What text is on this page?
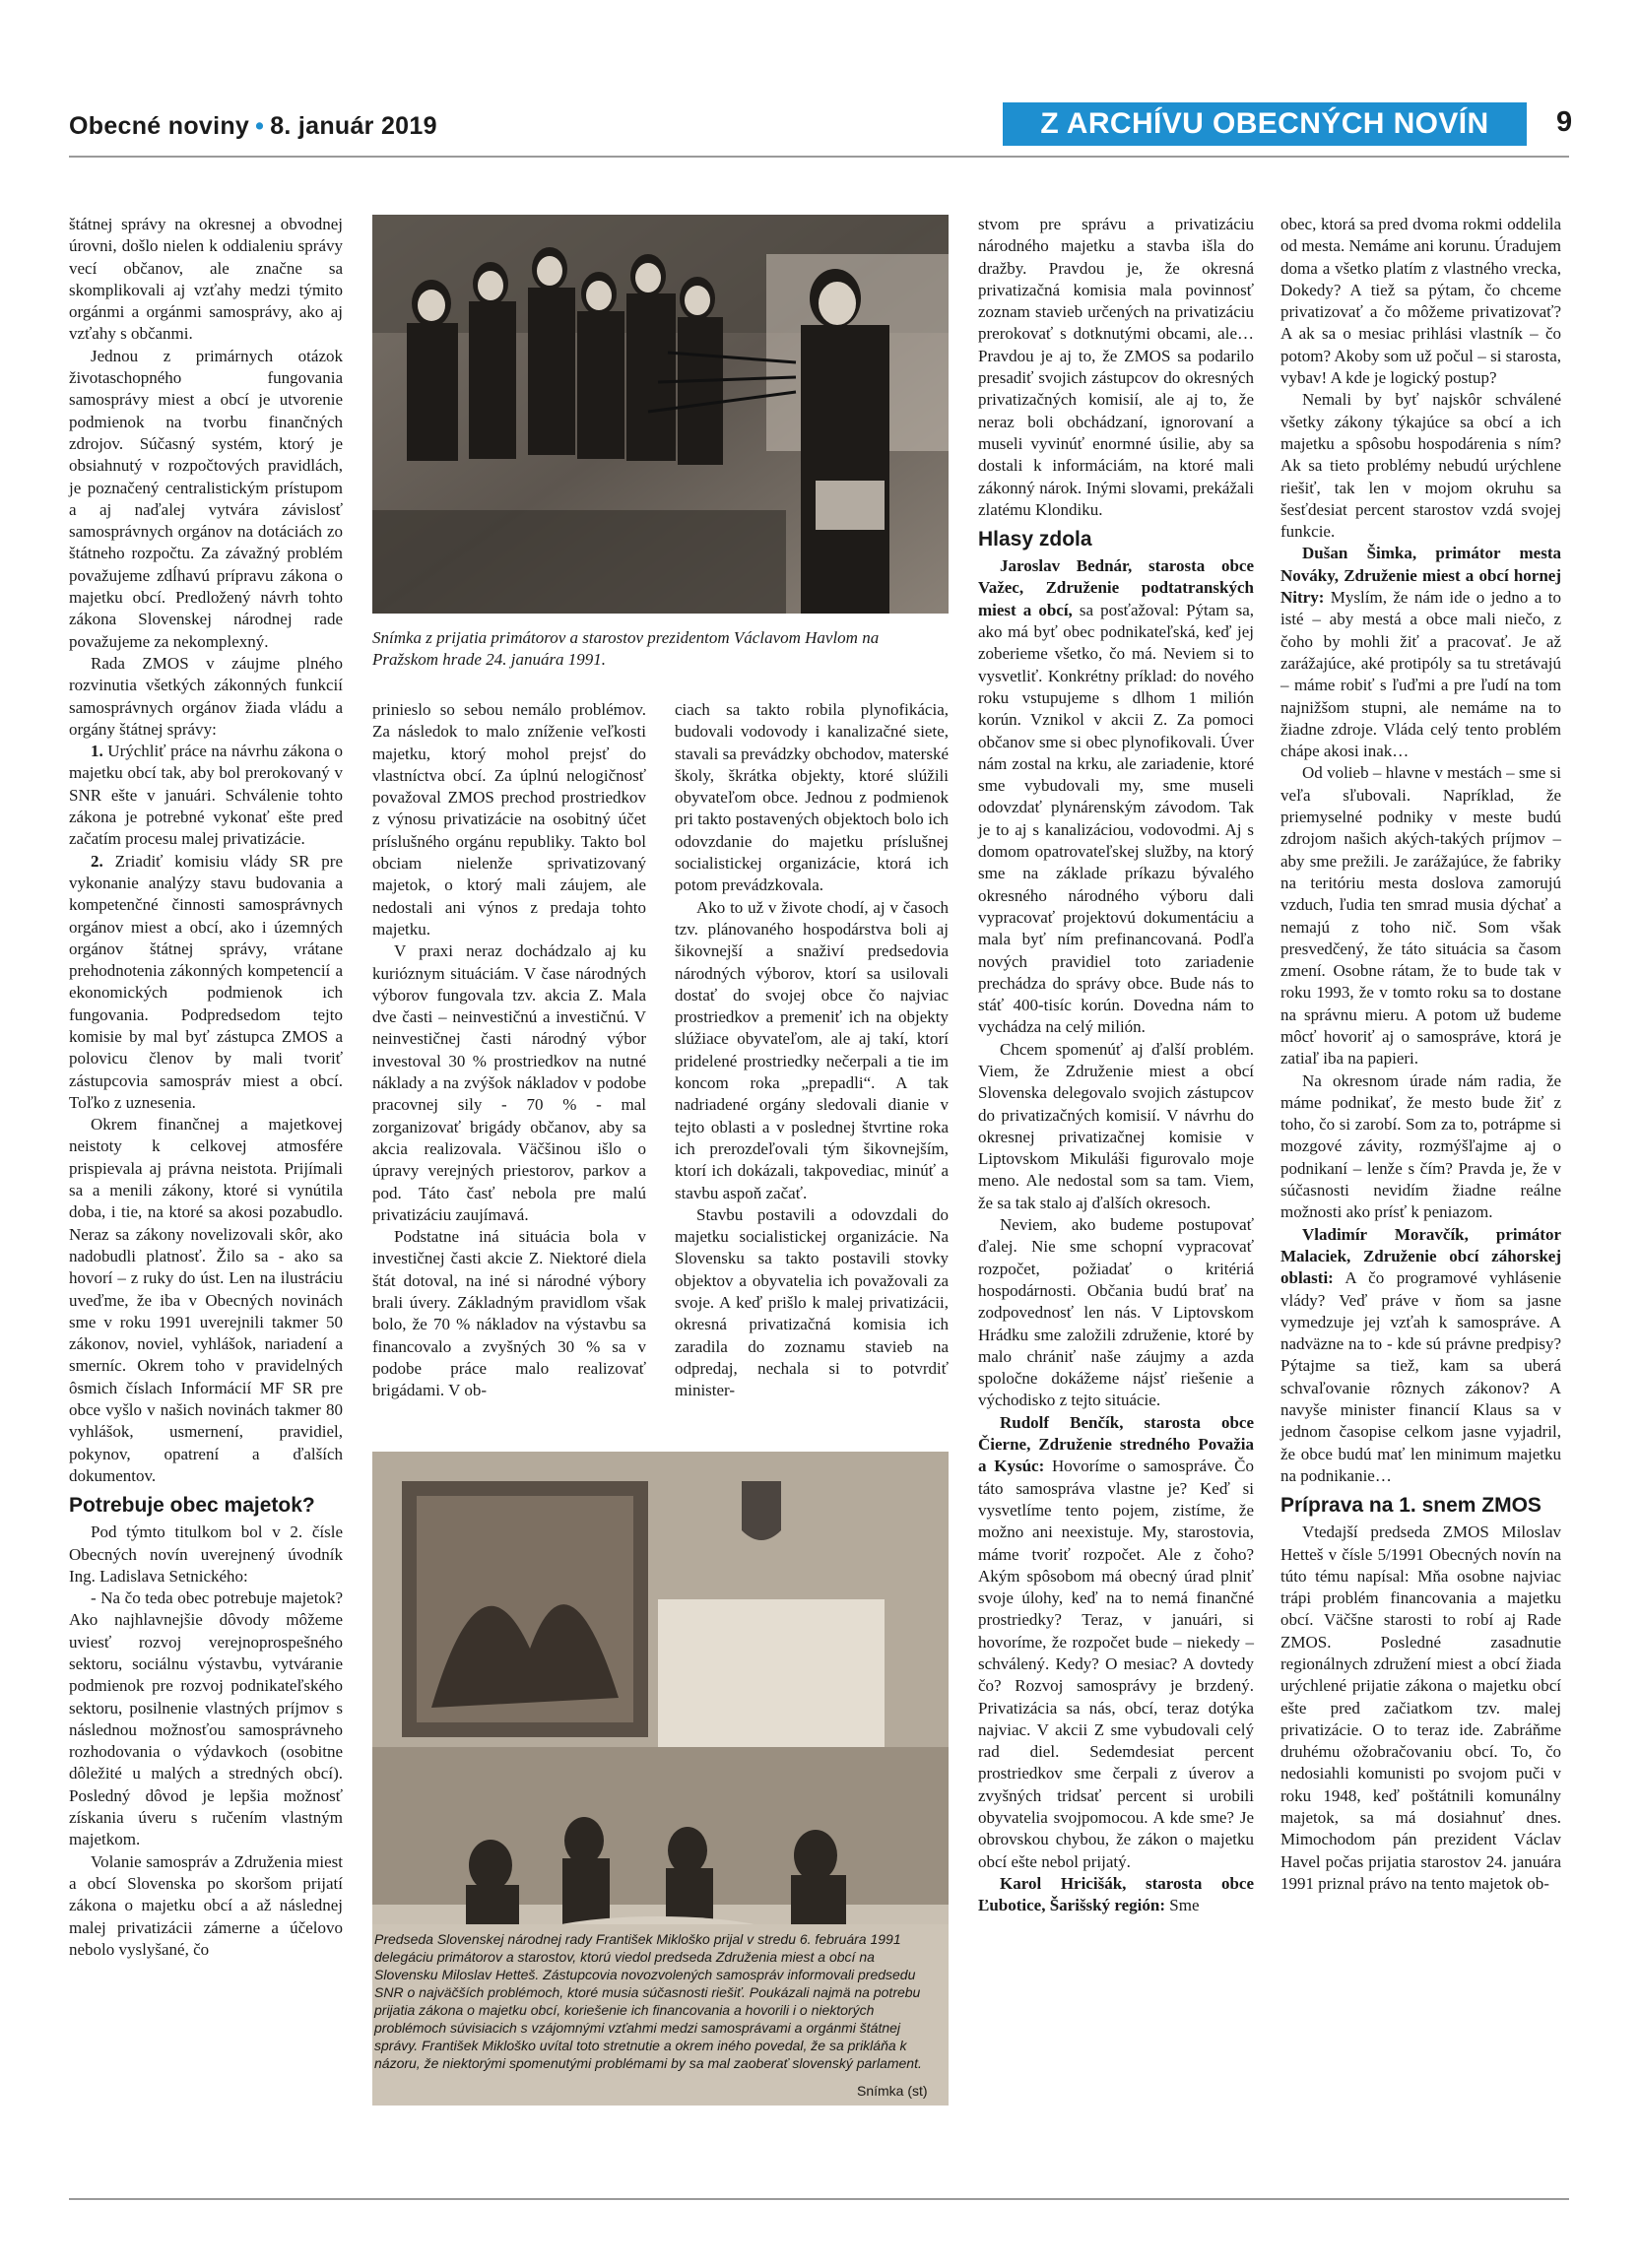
Obecné noviny • 8. január 2019	Z ARCHÍVU OBECNÝCH NOVÍN	9

štátnej správy na okresnej a obvodnej úrovni, došlo nielen k oddialeniu správy vecí občanov, ale značne sa skomplikovali aj vzťahy medzi týmito orgánmi a orgánmi samosprávy, ako aj vzťahy s občanmi.

Jednou z primárnych otázok životaschopného fungovania samosprávy miest a obcí je utvorenie podmienok na tvorbu finančných zdrojov. Súčasný systém, ktorý je obsiahnutý v rozpočtových pravidlách, je poznačený centralistickým prístupom a aj naďalej vytvára závislosť samosprávnych orgánov na dotáciách zo štátneho rozpočtu. Za závažný problém považujeme zdĺhavú prípravu zákona o majetku obcí. Predložený návrh tohto zákona Slovenskej národnej rade považujeme za nekomplexný.

Rada ZMOS v záujme plného rozvinutia všetkých zákonných funkcií samosprávnych orgánov žiada vládu a orgány štátnej správy:

1. Urýchliť práce na návrhu zákona o majetku obcí tak, aby bol prerokovaný v SNR ešte v januári. Schválenie tohto zákona je potrebné vykonať ešte pred začatím procesu malej privatizácie.

2. Zriadiť komisiu vlády SR pre vykonanie analýzy stavu budovania a kompetenčné činnosti samosprávnych orgánov miest a obcí, ako i územných orgánov štátnej správy, vrátane prehodnotenia zákonných kompetencií a ekonomických podmienok ich fungovania. Podpredsedom tejto komisie by mal byť zástupca ZMOS a polovicu členov by mali tvoriť zástupcovia samospráv miest a obcí. Toľko z uznesenia.

Okrem finančnej a majetkovej neistoty k celkovej atmosfére prispievala aj právna neistota. Prijímali sa a menili zákony, ktoré si vynútila doba, i tie, na ktoré sa akosi pozabudlo. Neraz sa zákony novelizovali skôr, ako nadobudli platnosť. Žilo sa - ako sa hovorí – z ruky do úst. Len na ilustráciu uveďme, že iba v Obecných novinách sme v roku 1991 uverejnili takmer 50 zákonov, noviel, vyhlášok, nariadení a smerníc. Okrem toho v pravidelných ôsmich číslach Informácií MF SR pre obce vyšlo v našich novinách takmer 80 vyhlášok, usmernení, pravidiel, pokynov, opatrení a ďalších dokumentov.

Potrebuje obec majetok?

Pod týmto titulkom bol v 2. čísle Obecných novín uverejnený úvodník Ing. Ladislava Setnického:

- Na čo teda obec potrebuje majetok? Ako najhlavnejšie dôvody môžeme uviesť rozvoj verejnoprospešného sektoru, sociálnu výstavbu, vytváranie podmienok pre rozvoj podnikateľského sektoru, posilnenie vlastných príjmov s následnou možnosťou samosprávneho rozhodovania o výdavkoch (osobitne dôležité u malých a stredných obcí). Posledný dôvod je lepšia možnosť získania úveru s ručením vlastným majetkom.

Volanie samospráv a Združenia miest a obcí Slovenska po skoršom prijatí zákona o majetku obcí a až následnej malej privatizácii zámerne a účelovo nebolo vyslyšané, čo

Snímka z prijatia primátorov a starostov prezidentom Václavom Havlom na Pražskom hrade 24. januára 1991.

prinieslo so sebou nemálo problémov. Za následok to malo zníženie veľkosti majetku, ktorý mohol prejsť do vlastníctva obcí. Za úplnú nelogičnosť považoval ZMOS prechod prostriedkov z výnosu privatizácie na osobitný účet príslušného orgánu republiky. Takto bol obciam nielenže sprivatizovaný majetok, o ktorý mali záujem, ale nedostali ani výnos z predaja tohto majetku.

V praxi neraz dochádzalo aj ku kurióznym situáciám. V čase národných výborov fungovala tzv. akcia Z. Mala dve časti – neinvestičnú a investičnú. V neinvestičnej časti národný výbor investoval 30 % prostriedkov na nutné náklady a na zvýšok nákladov v podobe pracovnej sily - 70 % - mal zorganizovať brigády občanov, aby sa akcia realizovala. Väčšinou išlo o úpravy verejných priestorov, parkov a pod. Táto časť nebola pre malú privatizáciu zaujímavá.

Podstatne iná situácia bola v investičnej časti akcie Z. Niektoré diela štát dotoval, na iné si národné výbory brali úvery. Základným pravidlom však bolo, že 70 % nákladov na výstavbu sa financovalo a zvyšných 30 % sa v podobe práce malo realizovať brigádami. V ob-

ciach sa takto robila plynofikácia, budovali vodovody i kanalizačné siete, stavali sa prevádzky obchodov, materské školy, škrátka objekty, ktoré slúžili obyvateľom obce. Jednou z podmienok pri takto postavených objektoch bolo ich odovzdanie do majetku príslušnej socialistickej organizácie, ktorá ich potom prevádzkovala.

Ako to už v živote chodí, aj v časoch tzv. plánovaného hospodárstva boli aj šikovnejší a snaživí predsedovia národných výborov, ktorí sa usilovali dostať do svojej obce čo najviac prostriedkov a premeniť ich na objekty slúžiace obyvateľom, ale aj takí, ktorí pridelené prostriedky nečerpali a tie im koncom roka „prepadli“. A tak nadriadené orgány sledovali dianie v tejto oblasti a v poslednej štvrtine roka ich prerozdeľovali tým šikovnejším, ktorí ich dokázali, takpovediac, minúť a stavbu aspoň začať.

Stavbu postavili a odovzdali do majetku socialistickej organizácie. Na Slovensku sa takto postavili stovky objektov a obyvatelia ich považovali za svoje. A keď prišlo k malej privatizácii, okresná privatizačná komisia ich zaradila do zoznamu stavieb na odpredaj, nechala si to potvrdiť minister-

Predseda Slovenskej národnej rady František Mikloško prijal v stredu 6. februára 1991 delegáciu primátorov a starostov, ktorú viedol predseda Združenia miest a obcí na Slovensku Miloslav Hetteš. Zástupcovia novozvolených samospráv informovali predsedu SNR o najväčších problémoch, ktoré musia súčasnosti riešiť. Poukázali najmä na potrebu prijatia zákona o majetku obcí, koriešenie ich financovania a hovorili i o niektorých problémoch súvisiacich s vzájomnými vzťahmi medzi samosprávami a orgánmi štátnej správy. František Mikloško uvítal toto stretnutie a okrem iného povedal, že sa prikláňa k názoru, že niektorými spomenutými problémami by sa mal zaoberať slovenský parlament.
Snímka (st)

stvom pre správu a privatizáciu národného majetku a stavba išla do dražby. Pravdou je, že okresná privatizačná komisia mala povinnosť zoznam stavieb určených na privatizáciu prerokovať s dotknutými obcami, ale… Pravdou je aj to, že ZMOS sa podarilo presadiť svojich zástupcov do okresných privatizačných komisií, ale aj to, že neraz boli obchádzaní, ignorovaní a museli vyvinúť enormné úsilie, aby sa dostali k informáciám, na ktoré mali zákonný nárok. Inými slovami, prekážali zlatému Klondiku.

Hlasy zdola

Jaroslav Bednár, starosta obce Važec, Združenie podtatranských miest a obcí, sa posťažoval: Pýtam sa, ako má byť obec podnikateľská, keď jej zoberieme všetko, čo má. Neviem si to vysvetliť. Konkrétny príklad: do nového roku vstupujeme s dlhom 1 milión korún. Vznikol v akcii Z. Za pomoci občanov sme si obec plynofikovali. Úver nám zostal na krku, ale zariadenie, ktoré sme vybudovali my, sme museli odovzdať plynárenským závodom. Tak je to aj s kanalizáciou, vodovodmi. Aj s domom opatrovateľskej služby, na ktorý sme na základe príkazu bývalého okresného národného výboru dali vypracovať projektovú dokumentáciu a mala byť ním prefinancovaná. Podľa nových pravidiel toto zariadenie prechádza do správy obce. Bude nás to stáť 400-tisíc korún. Dovedna nám to vychádza na celý milión.

Chcem spomenúť aj ďalší problém. Viem, že Združenie miest a obcí Slovenska delegovalo svojich zástupcov do privatizačných komisií. V návrhu do okresnej privatizačnej komisie v Liptovskom Mikuláši figurovalo moje meno. Ale nedostal som sa tam. Viem, že sa tak stalo aj ďalších okresoch.

Neviem, ako budeme postupovať ďalej. Nie sme schopní vypracovať rozpočet, požiadať o kritériá hospodárnosti. Občania budú brať na zodpovednosť len nás. V Liptovskom Hrádku sme založili združenie, ktoré by malo chrániť naše záujmy a azda spoločne dokážeme nájsť riešenie a východisko z tejto situácie.

Rudolf Benčík, starosta obce Čierne, Združenie stredného Považia a Kysúc: Hovoríme o samospráve. Čo táto samospráva vlastne je? Keď si vysvetlíme tento pojem, zistíme, že možno ani neexistuje. My, starostovia, máme tvoriť rozpočet. Ale z čoho? Akým spôsobom má obecný úrad plniť svoje úlohy, keď na to nemá finančné prostriedky? Teraz, v januári, si hovoríme, že rozpočet bude – niekedy – schválený. Kedy? O mesiac? A dovtedy čo? Rozvoj samosprávy je brzdený. Privatizácia sa nás, obcí, teraz dotýka najviac. V akcii Z sme vybudovali celý rad diel. Sedemdesiat percent prostriedkov sme čerpali z úverov a zvyšných tridsať percent si urobili obyvatelia svojpomocou. A kde sme? Je obrovskou chybou, že zákon o majetku obcí ešte nebol prijatý.

Karol Hricišák, starosta obce Ľubotice, Šarišský región: Sme

obec, ktorá sa pred dvoma rokmi oddelila od mesta. Nemáme ani korunu. Úradujem doma a všetko platím z vlastného vrecka, Dokedy? A tiež sa pýtam, čo chceme privatizovať a čo môžeme privatizovať? A ak sa o mesiac prihlási vlastník – čo potom? Akoby som už počul – si starosta, vybav! A kde je logický postup?

Nemali by byť najskôr schválené všetky zákony týkajúce sa obcí a ich majetku a spôsobu hospodárenia s ním? Ak sa tieto problémy nebudú urýchlene riešiť, tak len v mojom okruhu sa šesťdesiat percent starostov vzdá svojej funkcie.

Dušan Šimka, primátor mesta Nováky, Združenie miest a obcí hornej Nitry: Myslím, že nám ide o jedno a to isté – aby mestá a obce mali niečo, z čoho by mohli žiť a pracovať. Je až zarážajúce, aké protipóly sa tu stretávajú – máme robiť s ľuďmi a pre ľudí na tom najnižšom stupni, ale nemáme na to žiadne zdroje. Vláda celý tento problém chápe akosi inak…

Od volieb – hlavne v mestách – sme si veľa sľubovali. Napríklad, že priemyselné podniky v meste budú zdrojom našich akých-takých príjmov – aby sme prežili. Je zarážajúce, že fabriky na teritóriu mesta doslova zamorujú vzduch, ľudia ten smrad musia dýchať a nemajú z toho nič. Som však presvedčený, že táto situácia sa časom zmení. Osobne rátam, že to bude tak v roku 1993, že v tomto roku sa to dostane na správnu mieru. A potom už budeme môcť hovoriť aj o samospráve, ktorá je zatiaľ iba na papieri.

Na okresnom úrade nám radia, že máme podnikať, že mesto bude žiť z toho, čo si zarobí. Som za to, potrápme si mozgové závity, rozmýšľajme aj o podnikaní – lenže s čím? Pravda je, že v súčasnosti nevidím žiadne reálne možnosti ako prísť k peniazom.

Vladimír Moravčík, primátor Malaciek, Združenie obcí záhorskej oblasti: A čo programové vyhlásenie vlády? Veď práve v ňom sa jasne vymedzuje jej vzťah k samospráve. A nadväzne na to - kde sú právne predpisy? Pýtajme sa tiež, kam sa uberá schvaľovanie rôznych zákonov? A navyše minister financií Klaus sa v jednom časopise celkom jasne vyjadril, že obce budú mať len minimum majetku na podnikanie…

Príprava na 1. snem ZMOS

Vtedajší predseda ZMOS Miloslav Hetteš v čísle 5/1991 Obecných novín na túto tému napísal: Mňa osobne najviac trápi problém financovania a majetku obcí. Väčšne starosti to robí aj Rade ZMOS. Posledné zasadnutie regionálnych združení miest a obcí žiada urýchlené prijatie zákona o majetku obcí ešte pred začiatkom tzv. malej privatizácie. O to teraz ide. Zabráňme druhému ožobračovaniu obcí. To, čo nedosiahli komunisti po svojom puči v roku 1948, keď poštátnili komunálny majetok, sa má dosiahnuť dnes. Mimochodom pán prezident Václav Havel počas prijatia starostov 24. januára 1991 priznal právo na tento majetok ob-
